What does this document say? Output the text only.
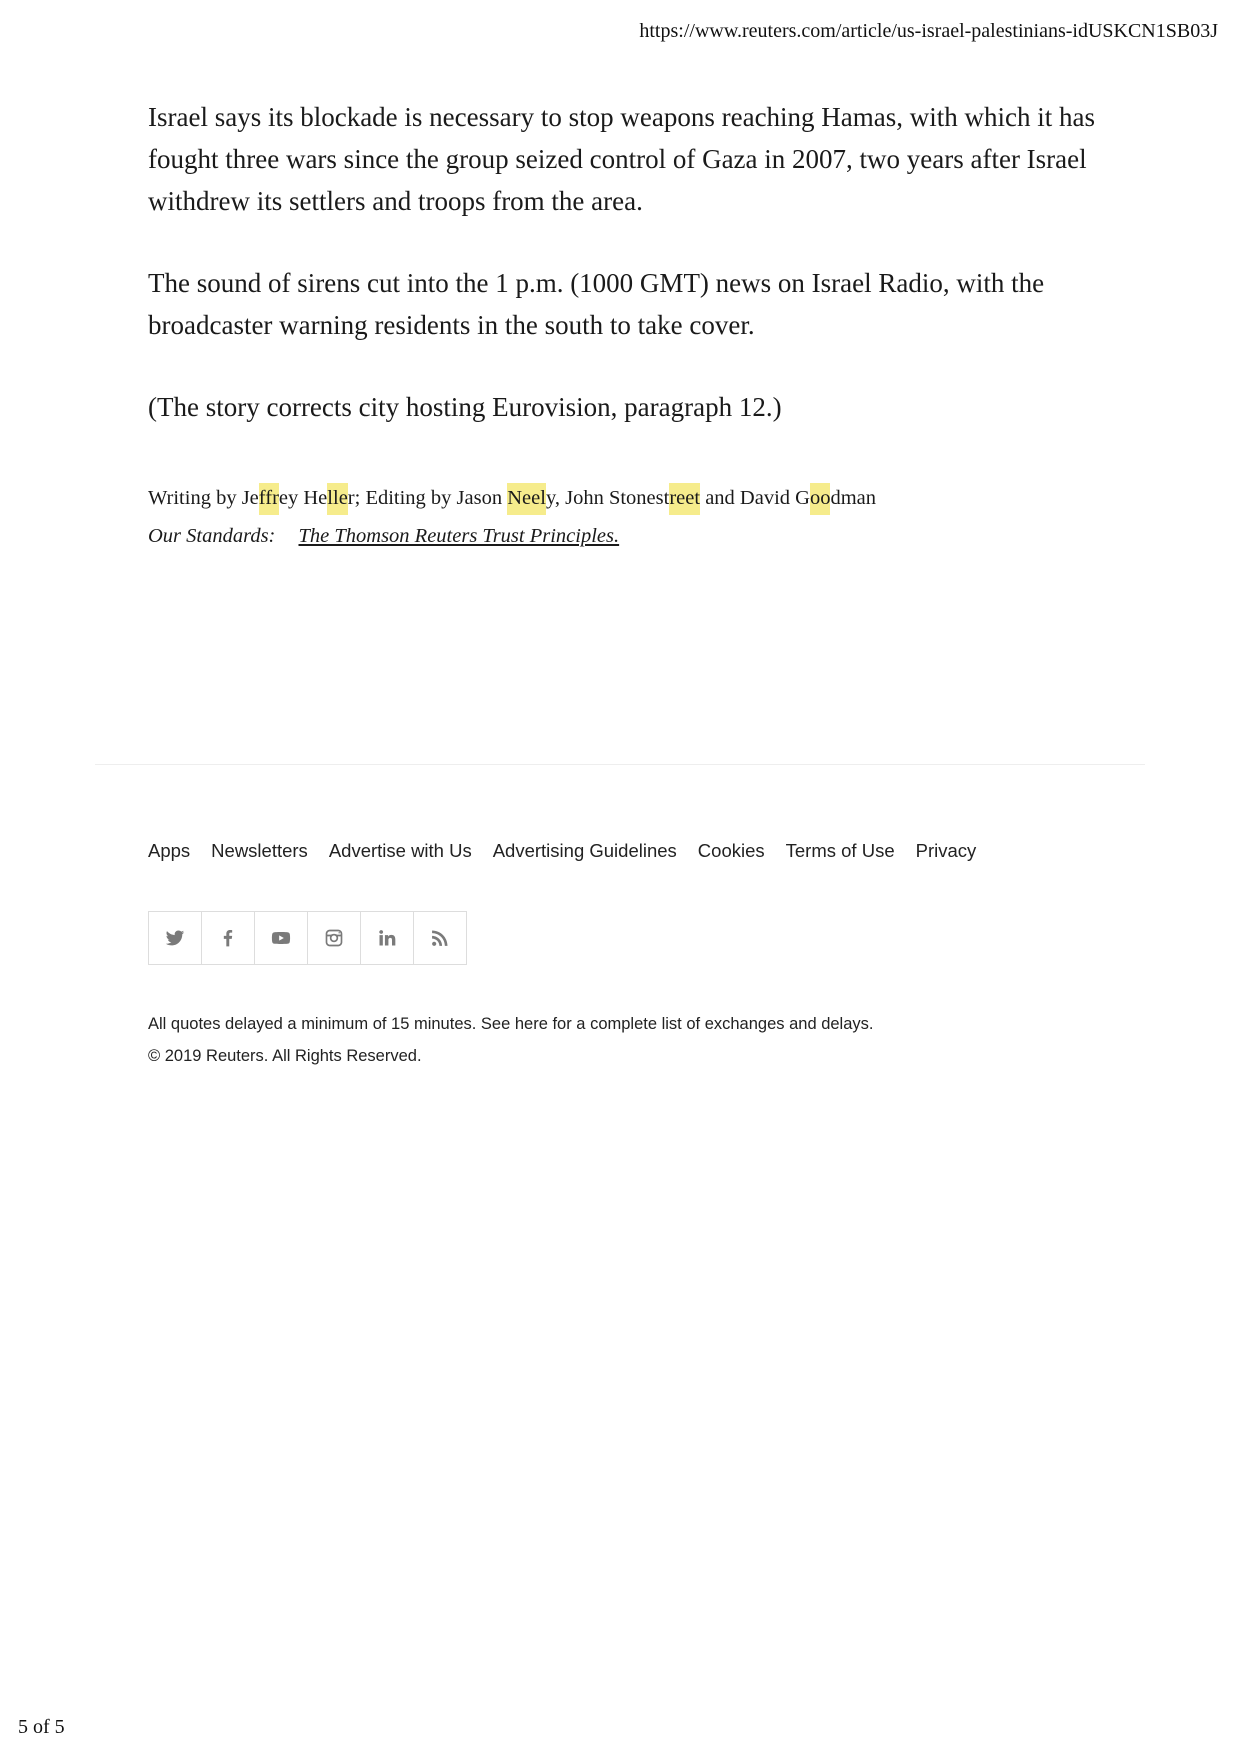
https://www.reuters.com/article/us-israel-palestinians-idUSKCN1SB03J

Israel says its blockade is necessary to stop weapons reaching Hamas, with which it has fought three wars since the group seized control of Gaza in 2007, two years after Israel withdrew its settlers and troops from the area.

The sound of sirens cut into the 1 p.m. (1000 GMT) news on Israel Radio, with the broadcaster warning residents in the south to take cover.

(The story corrects city hosting Eurovision, paragraph 12.)

Writing by Jeffrey Heller; Editing by Jason Neely, John Stonestreet and David Goodman
Our Standards: The Thomson Reuters Trust Principles.
Apps Newsletters Advertise with Us Advertising Guidelines Cookies Terms of Use Privacy
All quotes delayed a minimum of 15 minutes. See here for a complete list of exchanges and delays.
© 2019 Reuters. All Rights Reserved.
5 of 5
